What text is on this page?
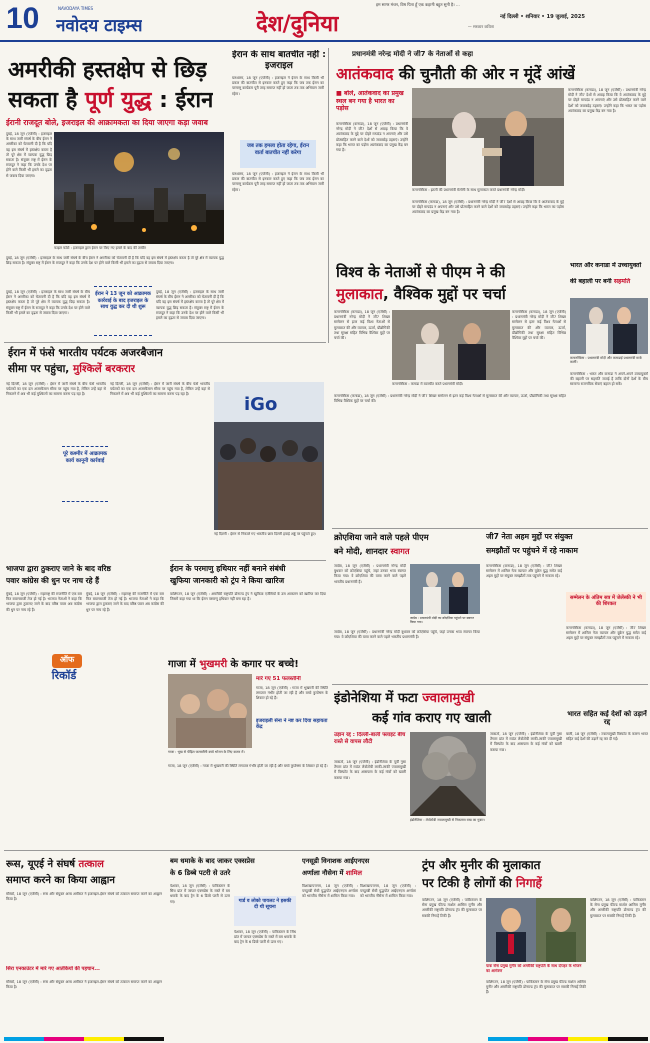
10	NAVODAYA TIMES
नवोदय टाइम्स	देश/दुनिया
हम सागर मंथन, विष पिता हूँ एक कहानी बहुत सुनी है। ...
— सरकार कविता
नई दिल्ली • शनिवार • 19 जुलाई, 2025
अमरीकी हस्तक्षेप से छिड़
सकता है पूर्ण युद्ध : ईरान
ईरानी राजदूत बोले, इजराइल की आक्रामकता का दिया जाएगा कड़ा जवाब
दुबई, 18 जून (एजेंसी) : इजराइल के साथ जारी संघर्ष के बीच ईरान ने अमरीका को चेतावनी दी है कि यदि वह इस संघर्ष में हस्तक्षेप करता है तो पूरे क्षेत्र में व्यापक युद्ध छिड़ सकता है। संयुक्त राष्ट्र में ईरान के राजदूत ने कहा कि उनके देश पर होने वाले किसी भी हमले का दृढ़ता से जवाब दिया जाएगा।
फाइल फोटो : इजराइल द्वारा ईरान पर किए गए हमले के बाद की तस्वीर
दुबई, 18 जून (एजेंसी) : इजराइल के साथ जारी संघर्ष के बीच ईरान ने अमरीका को चेतावनी दी है कि यदि वह इस संघर्ष में हस्तक्षेप करता है तो पूरे क्षेत्र में व्यापक युद्ध छिड़ सकता है। संयुक्त राष्ट्र में ईरान के राजदूत ने कहा कि उनके देश पर होने वाले किसी भी हमले का दृढ़ता से जवाब दिया जाएगा।
ईरान ने 13 जून को आक्रामक कार्रवाई के बाद इजराइल के साथ युद्ध कर दी थी शुरू
दुबई, 18 जून (एजेंसी) : इजराइल के साथ जारी संघर्ष के बीच ईरान ने अमरीका को चेतावनी दी है कि यदि वह इस संघर्ष में हस्तक्षेप करता है तो पूरे क्षेत्र में व्यापक युद्ध छिड़ सकता है। संयुक्त राष्ट्र में ईरान के राजदूत ने कहा कि उनके देश पर होने वाले किसी भी हमले का दृढ़ता से जवाब दिया जाएगा।
दुबई, 18 जून (एजेंसी) : इजराइल के साथ जारी संघर्ष के बीच ईरान ने अमरीका को चेतावनी दी है कि यदि वह इस संघर्ष में हस्तक्षेप करता है तो पूरे क्षेत्र में व्यापक युद्ध छिड़ सकता है। संयुक्त राष्ट्र में ईरान के राजदूत ने कहा कि उनके देश पर होने वाले किसी भी हमले का दृढ़ता से जवाब दिया जाएगा।
ईरान के साथ बातचीत नहीं : इजराइल
यरुशलम, 18 जून (एजेंसी) : इजराइल ने ईरान के साथ किसी भी प्रकार की बातचीत से इनकार करते हुए कहा कि जब तक ईरान का परमाणु कार्यक्रम पूरी तरह समाप्त नहीं हो जाता तब तक अभियान जारी रहेगा।
जब तक हमला होता रहेगा, ईरान वार्ता बातचीत नहीं करेगा
यरुशलम, 18 जून (एजेंसी) : इजराइल ने ईरान के साथ किसी भी प्रकार की बातचीत से इनकार करते हुए कहा कि जब तक ईरान का परमाणु कार्यक्रम पूरी तरह समाप्त नहीं हो जाता तब तक अभियान जारी रहेगा।
प्रधानमंत्री नरेन्द्र मोदी ने जी7 के नेताओं से कहा
आतंकवाद की चुनौती की ओर न मूंदें आंखें
■ बोले, आतंकवाद का प्रमुख स्थल बन गया है भारत का पड़ोस
कनानस्किस : इटली की प्रधानमंत्री मेलोनी के साथ मुलाकात करते प्रधानमंत्री नरेन्द्र मोदी।
कनानस्किस (कनाडा), 18 जून (एजेंसी) : प्रधानमंत्री नरेन्द्र मोदी ने जी7 देशों से आग्रह किया कि वे आतंकवाद के मुद्दे पर दोहरे मापदंड न अपनाएं और उसे प्रोत्साहित करने वाले देशों को जवाबदेह ठहराएं। उन्होंने कहा कि भारत का पड़ोस आतंकवाद का प्रमुख केंद्र बन गया है।
कनानस्किस (कनाडा), 18 जून (एजेंसी) : प्रधानमंत्री नरेन्द्र मोदी ने जी7 देशों से आग्रह किया कि वे आतंकवाद के मुद्दे पर दोहरे मापदंड न अपनाएं और उसे प्रोत्साहित करने वाले देशों को जवाबदेह ठहराएं। उन्होंने कहा कि भारत का पड़ोस आतंकवाद का प्रमुख केंद्र बन गया है।
कनानस्किस (कनाडा), 18 जून (एजेंसी) : प्रधानमंत्री नरेन्द्र मोदी ने जी7 देशों से आग्रह किया कि वे आतंकवाद के मुद्दे पर दोहरे मापदंड न अपनाएं और उसे प्रोत्साहित करने वाले देशों को जवाबदेह ठहराएं। उन्होंने कहा कि भारत का पड़ोस आतंकवाद का प्रमुख केंद्र बन गया है।
विश्व के नेताओं से पीएम ने की
मुलाकात, वैश्विक मुद्दों पर चर्चा
कनानस्किस (कनाडा), 18 जून (एजेंसी) : प्रधानमंत्री नरेन्द्र मोदी ने जी7 शिखर सम्मेलन से इतर कई विश्व नेताओं से मुलाकात की और व्यापार, ऊर्जा, प्रौद्योगिकी तथा सुरक्षा सहित विभिन्न वैश्विक मुद्दों पर चर्चा की।
कनानस्किस : कनाडा में बातचीत करते प्रधानमंत्री मोदी।
कनानस्किस (कनाडा), 18 जून (एजेंसी) : प्रधानमंत्री नरेन्द्र मोदी ने जी7 शिखर सम्मेलन से इतर कई विश्व नेताओं से मुलाकात की और व्यापार, ऊर्जा, प्रौद्योगिकी तथा सुरक्षा सहित विभिन्न वैश्विक मुद्दों पर चर्चा की।
कनानस्किस (कनाडा), 18 जून (एजेंसी) : प्रधानमंत्री नरेन्द्र मोदी ने जी7 शिखर सम्मेलन से इतर कई विश्व नेताओं से मुलाकात की और व्यापार, ऊर्जा, प्रौद्योगिकी तथा सुरक्षा सहित विभिन्न वैश्विक मुद्दों पर चर्चा की।
भारत और कनाडा में उच्चायुक्तों
की बहाली पर बनी सहमति
कनानस्किस : प्रधानमंत्री मोदी और कनाडाई प्रधानमंत्री मार्क कार्नी।
कनानस्किस : भारत और कनाडा ने अपने-अपने उच्चायुक्तों की बहाली पर सहमति जताई है ताकि दोनों देशों के बीच सामान्य राजनयिक सेवाएं बहाल हो सकें।
ईरान में फंसे भारतीय पर्यटक अजरबैजान
सीमा पर पहुंचा, मुश्किलें बरकरार
नई दिल्ली, 18 जून (एजेंसी) : ईरान में जारी संघर्ष के बीच फंसे भारतीय पर्यटकों का एक दल अजरबैजान सीमा पर पहुंच गया है, लेकिन उन्हें वहां से निकलने में अब भी कई मुश्किलों का सामना करना पड़ रहा है।
पूरे कश्मीर में आक्रामक कार्य कानूनी कार्रवाई
नई दिल्ली, 18 जून (एजेंसी) : ईरान में जारी संघर्ष के बीच फंसे भारतीय पर्यटकों का एक दल अजरबैजान सीमा पर पहुंच गया है, लेकिन उन्हें वहां से निकलने में अब भी कई मुश्किलों का सामना करना पड़ रहा है।	iGo
नई दिल्ली : ईरान से निकाले गए भारतीय छात्र दिल्ली हवाई अड्डे पर पहुंचते हुए।
ईरान के परमाणु हथियार नहीं बनाने संबंधी
खुफिया जानकारी को ट्रंप ने किया खारिज
वाशिंगटन, 18 जून (एजेंसी) : अमरीकी राष्ट्रपति डोनाल्ड ट्रंप ने खुफिया एजेंसियों के उस आकलन को खारिज कर दिया जिसमें कहा गया था कि ईरान परमाणु हथियार नहीं बना रहा है।
भाजपा द्वारा ठुकराए जाने के बाद वरिष्ठ
पवार कांग्रेस की धुन पर नाच रहे हैं
मुंबई, 18 जून (एजेंसी) : महाराष्ट्र की राजनीति में एक बार फिर बयानबाजी तेज हो गई है। भाजपा नेताओं ने कहा कि भाजपा द्वारा ठुकराए जाने के बाद वरिष्ठ पवार अब कांग्रेस की धुन पर नाच रहे हैं।
मुंबई, 18 जून (एजेंसी) : महाराष्ट्र की राजनीति में एक बार फिर बयानबाजी तेज हो गई है। भाजपा नेताओं ने कहा कि भाजपा द्वारा ठुकराए जाने के बाद वरिष्ठ पवार अब कांग्रेस की धुन पर नाच रहे हैं।
ऑफ
रिकॉर्ड
गाजा में भुखमरी के कगार पर बच्चे!
मारे गए 51 फलस्तीनी
गाजा, 18 जून (एजेंसी) : गाजा में भुखमरी की स्थिति लगातार गंभीर होती जा रही है और बच्चे कुपोषण के शिकार हो रहे हैं।
इजराइली सेना ने नष्ट कर दिया सहायता केंद्र
गाजा : भूख से पीड़ित फलस्तीनी बच्चे भोजन के लिए कतार में।
गाजा, 18 जून (एजेंसी) : गाजा में भुखमरी की स्थिति लगातार गंभीर होती जा रही है और बच्चे कुपोषण के शिकार हो रहे हैं।
क्रोएशिया जाने वाले पहले पीएम
बने मोदी, शानदार स्वागत
जाग्रेब, 18 जून (एजेंसी) : प्रधानमंत्री नरेन्द्र मोदी बुधवार को क्रोएशिया पहुंचे, जहां उनका भव्य स्वागत किया गया। वे क्रोएशिया की यात्रा करने वाले पहले भारतीय प्रधानमंत्री हैं।
जाग्रेब : प्रधानमंत्री मोदी का क्रोएशिया पहुंचने पर स्वागत किया गया।
जाग्रेब, 18 जून (एजेंसी) : प्रधानमंत्री नरेन्द्र मोदी बुधवार को क्रोएशिया पहुंचे, जहां उनका भव्य स्वागत किया गया। वे क्रोएशिया की यात्रा करने वाले पहले भारतीय प्रधानमंत्री हैं।
जी7 नेता अहम मुद्दों पर संयुक्त
समझौतों पर पहुंचने में रहे नाकाम
कनानस्किस (कनाडा), 18 जून (एजेंसी) : जी7 शिखर सम्मेलन में शामिल नेता व्यापार और यूक्रेन युद्ध समेत कई अहम मुद्दों पर संयुक्त समझौतों तक पहुंचने में नाकाम रहे।
सम्मेलन के अंतिम सत्र में जेलेंस्की ने भी की शिरकत
कनानस्किस (कनाडा), 18 जून (एजेंसी) : जी7 शिखर सम्मेलन में शामिल नेता व्यापार और यूक्रेन युद्ध समेत कई अहम मुद्दों पर संयुक्त समझौतों तक पहुंचने में नाकाम रहे।
इंडोनेशिया में फटा ज्वालामुखी
कई गांव कराए गए खाली
उड़ान रद्द : दिल्ली-बाली फ्लाइट बीच रास्ते से वापस लौटी
जकार्ता, 18 जून (एजेंसी) : इंडोनेशिया के पूर्वी नुसा तेंगारा प्रांत में माउंट लेवोटोबी लाकी-लाकी ज्वालामुखी में विस्फोट के बाद आसपास के कई गांवों को खाली कराया गया।
इंडोनेशिया : लेवोटोबी ज्वालामुखी से निकलता राख का गुबार।
जकार्ता, 18 जून (एजेंसी) : इंडोनेशिया के पूर्वी नुसा तेंगारा प्रांत में माउंट लेवोटोबी लाकी-लाकी ज्वालामुखी में विस्फोट के बाद आसपास के कई गांवों को खाली कराया गया।
भारत सहित कई देशों को उड़ानें रद्द
बाली, 18 जून (एजेंसी) : ज्वालामुखी विस्फोट के कारण भारत सहित कई देशों की उड़ानें रद्द कर दी गईं।
रूस, यूएई ने संघर्ष तत्काल
समाप्त करने का किया आह्वान
मॉस्को, 18 जून (एजेंसी) : रूस और संयुक्त अरब अमीरात ने इजराइल-ईरान संघर्ष को तत्काल समाप्त करने का आह्वान किया है।
सिरा एनकाउंटर में मारे गए आतंकियों की पहचान...
मॉस्को, 18 जून (एजेंसी) : रूस और संयुक्त अरब अमीरात ने इजराइल-ईरान संघर्ष को तत्काल समाप्त करने का आह्वान किया है।
बम धमाके के बाद जाकर एक्सप्रेस
के 6 डिब्बे पटरी से उतरे
पेशावर, 18 जून (एजेंसी) : पाकिस्तान के सिंध प्रांत में जाफर एक्सप्रेस के रास्ते में बम धमाके के बाद ट्रेन के 6 डिब्बे पटरी से उतर गए।	गार्ड व लोको पायलट ने इसकी दी थी सूचना
पेशावर, 18 जून (एजेंसी) : पाकिस्तान के सिंध प्रांत में जाफर एक्सप्रेस के रास्ते में बम धमाके के बाद ट्रेन के 6 डिब्बे पटरी से उतर गए।
एनसूडी विनाशक आईएनएस
अर्णाला नौसेना में शामिल
विशाखापत्तनम, 18 जून (एजेंसी) : पनडुब्बी रोधी युद्धपोत आईएनएस अर्णाला को भारतीय नौसेना में शामिल किया गया।
विशाखापत्तनम, 18 जून (एजेंसी) : पनडुब्बी रोधी युद्धपोत आईएनएस अर्णाला को भारतीय नौसेना में शामिल किया गया।
ट्रंप और मुनीर की मुलाकात
पर टिकी है लोगों की निगाहें
वाशिंगटन, 18 जून (एजेंसी) : पाकिस्तान के सेना प्रमुख फील्ड मार्शल आसिम मुनीर और अमरीकी राष्ट्रपति डोनाल्ड ट्रंप की मुलाकात पर सबकी निगाहें टिकी हैं।
पाक सेना प्रमुख मुनीर को अमरीकी राष्ट्रपति के साथ दोपहर के भोजन का आमंत्रण
वाशिंगटन, 18 जून (एजेंसी) : पाकिस्तान के सेना प्रमुख फील्ड मार्शल आसिम मुनीर और अमरीकी राष्ट्रपति डोनाल्ड ट्रंप की मुलाकात पर सबकी निगाहें टिकी हैं।
वाशिंगटन, 18 जून (एजेंसी) : पाकिस्तान के सेना प्रमुख फील्ड मार्शल आसिम मुनीर और अमरीकी राष्ट्रपति डोनाल्ड ट्रंप की मुलाकात पर सबकी निगाहें टिकी हैं।
